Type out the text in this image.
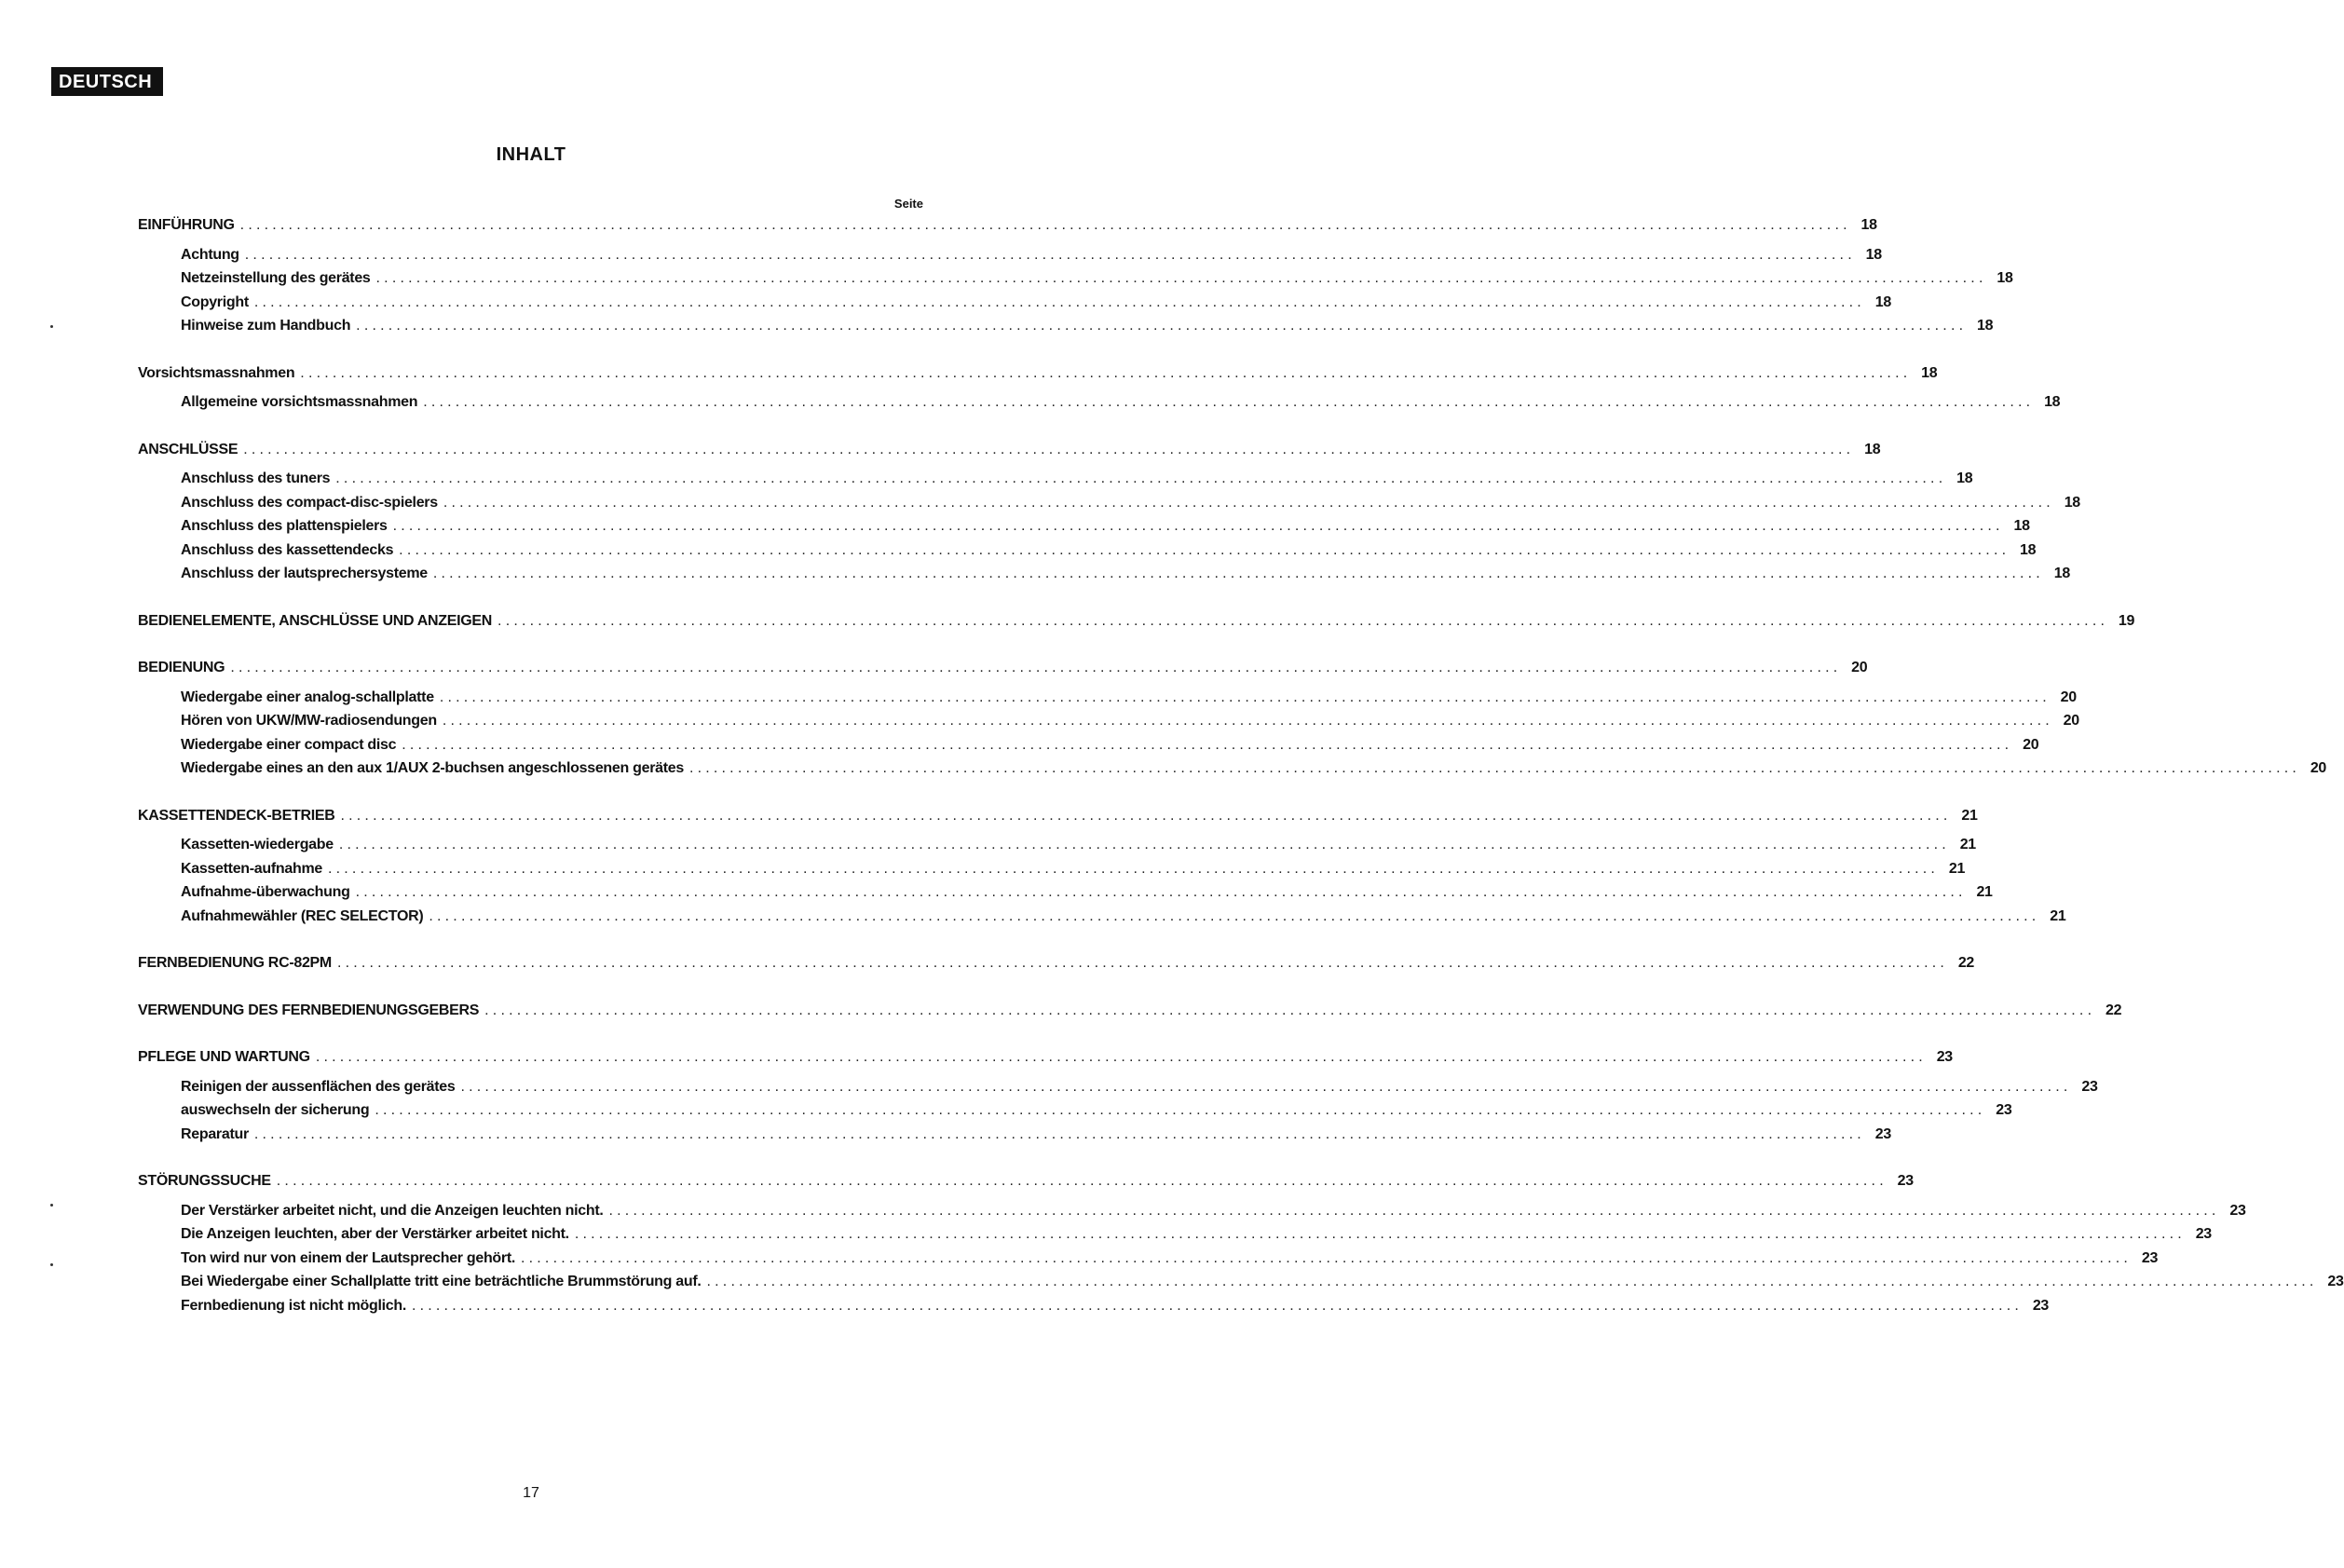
DEUTSCH
INHALT
Seite
EINFÜHRUNG ........................................................................................................................................................................................................ 18
Achtung ........................................................................................................................................................................................................ 18
Netzeinstellung des gerätes ........................................................................................................................................................................................................ 18
Copyright ........................................................................................................................................................................................................ 18
Hinweise zum Handbuch ........................................................................................................................................................................................................ 18
Vorsichtsmassnahmen ........................................................................................................................................................................................................ 18
Allgemeine vorsichtsmassnahmen ........................................................................................................................................................................................................ 18
ANSCHLÜSSE ........................................................................................................................................................................................................ 18
Anschluss des tuners ........................................................................................................................................................................................................ 18
Anschluss des compact-disc-spielers ........................................................................................................................................................................................................ 18
Anschluss des plattenspielers ........................................................................................................................................................................................................ 18
Anschluss des kassettendecks ........................................................................................................................................................................................................ 18
Anschluss der lautsprechersysteme ........................................................................................................................................................................................................ 18
BEDIENELEMENTE, ANSCHLÜSSE UND ANZEIGEN ........................................................................................................................................................................................................ 19
BEDIENUNG ........................................................................................................................................................................................................ 20
Wiedergabe einer analog-schallplatte ........................................................................................................................................................................................................ 20
Hören von UKW/MW-radiosendungen ........................................................................................................................................................................................................ 20
Wiedergabe einer compact disc ........................................................................................................................................................................................................ 20
Wiedergabe eines an den aux 1/AUX 2-buchsen angeschlossenen gerätes ........................................................................................................................................................................................................ 20
KASSETTENDECK-BETRIEB ........................................................................................................................................................................................................ 21
Kassetten-wiedergabe ........................................................................................................................................................................................................ 21
Kassetten-aufnahme ........................................................................................................................................................................................................ 21
Aufnahme-überwachung ........................................................................................................................................................................................................ 21
Aufnahmewähler (REC SELECTOR) ........................................................................................................................................................................................................ 21
FERNBEDIENUNG RC-82PM ........................................................................................................................................................................................................ 22
VERWENDUNG DES FERNBEDIENUNGSGEBERS ........................................................................................................................................................................................................ 22
PFLEGE UND WARTUNG ........................................................................................................................................................................................................ 23
Reinigen der aussenflächen des gerätes ........................................................................................................................................................................................................ 23
auswechseln der sicherung ........................................................................................................................................................................................................ 23
Reparatur ........................................................................................................................................................................................................ 23
STÖRUNGSSUCHE ........................................................................................................................................................................................................ 23
Der Verstärker arbeitet nicht, und die Anzeigen leuchten nicht. ........................................................................................................................................................................................................ 23
Die Anzeigen leuchten, aber der Verstärker arbeitet nicht. ........................................................................................................................................................................................................ 23
Ton wird nur von einem der Lautsprecher gehört. ........................................................................................................................................................................................................ 23
Bei Wiedergabe einer Schallplatte tritt eine beträchtliche Brummstörung auf. ........................................................................................................................................................................................................ 23
Fernbedienung ist nicht möglich. ........................................................................................................................................................................................................ 23
17
